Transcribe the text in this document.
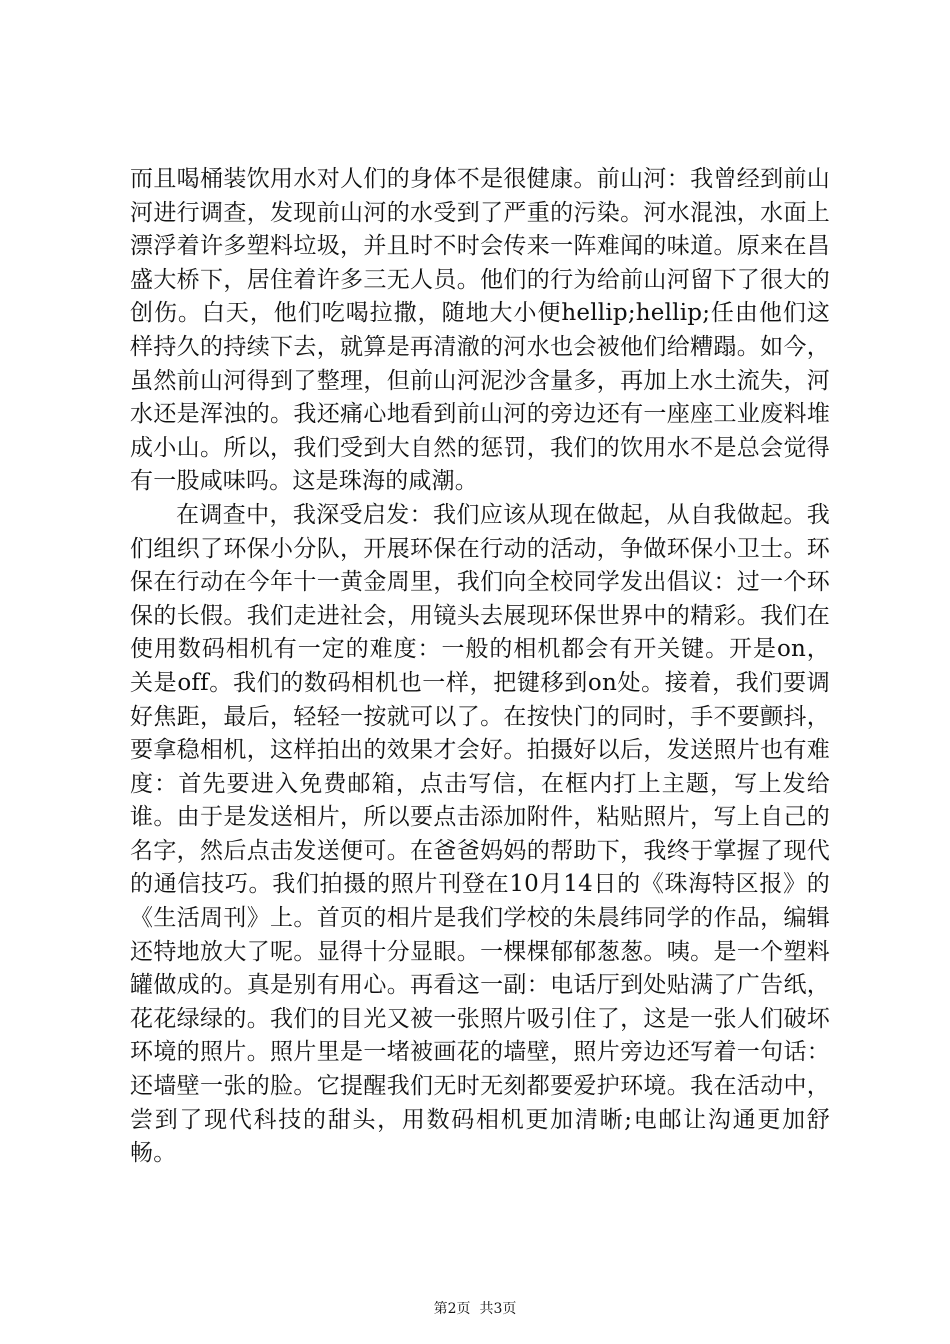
而且喝桶装饮用水对人们的身体不是很健康。前山河：我曾经到前山河进行调查，发现前山河的水受到了严重的污染。河水混浊，水面上漂浮着许多塑料垃圾，并且时不时会传来一阵难闻的味道。原来在昌盛大桥下，居住着许多三无人员。他们的行为给前山河留下了很大的创伤。白天，他们吃喝拉撒，随地大小便hellip;hellip;任由他们这样持久的持续下去，就算是再清澈的河水也会被他们给糟蹋。如今，虽然前山河得到了整理，但前山河泥沙含量多，再加上水土流失，河水还是浑浊的。我还痛心地看到前山河的旁边还有一座座工业废料堆成小山。所以，我们受到大自然的惩罚，我们的饮用水不是总会觉得有一股咸味吗。这是珠海的咸潮。

在调查中，我深受启发：我们应该从现在做起，从自我做起。我们组织了环保小分队，开展环保在行动的活动，争做环保小卫士。环保在行动在今年十一黄金周里，我们向全校同学发出倡议：过一个环保的长假。我们走进社会，用镜头去展现环保世界中的精彩。我们在使用数码相机有一定的难度：一般的相机都会有开关键。开是on，关是off。我们的数码相机也一样，把键移到on处。接着，我们要调好焦距，最后，轻轻一按就可以了。在按快门的同时，手不要颤抖，要拿稳相机，这样拍出的效果才会好。拍摄好以后，发送照片也有难度：首先要进入免费邮箱，点击写信，在框内打上主题，写上发给谁。由于是发送相片，所以要点击添加附件，粘贴照片，写上自己的名字，然后点击发送便可。在爸爸妈妈的帮助下，我终于掌握了现代的通信技巧。我们拍摄的照片刊登在10月14日的《珠海特区报》的《生活周刊》上。首页的相片是我们学校的朱晨纬同学的作品，编辑还特地放大了呢。显得十分显眼。一棵棵郁郁葱葱。咦。是一个塑料罐做成的。真是别有用心。再看这一副：电话厅到处贴满了广告纸，花花绿绿的。我们的目光又被一张照片吸引住了，这是一张人们破坏环境的照片。照片里是一堵被画花的墙壁，照片旁边还写着一句话：还墙壁一张的脸。它提醒我们无时无刻都要爱护环境。我在活动中，尝到了现代科技的甜头，用数码相机更加清晰;电邮让沟通更加舒畅。

第2页  共3页
